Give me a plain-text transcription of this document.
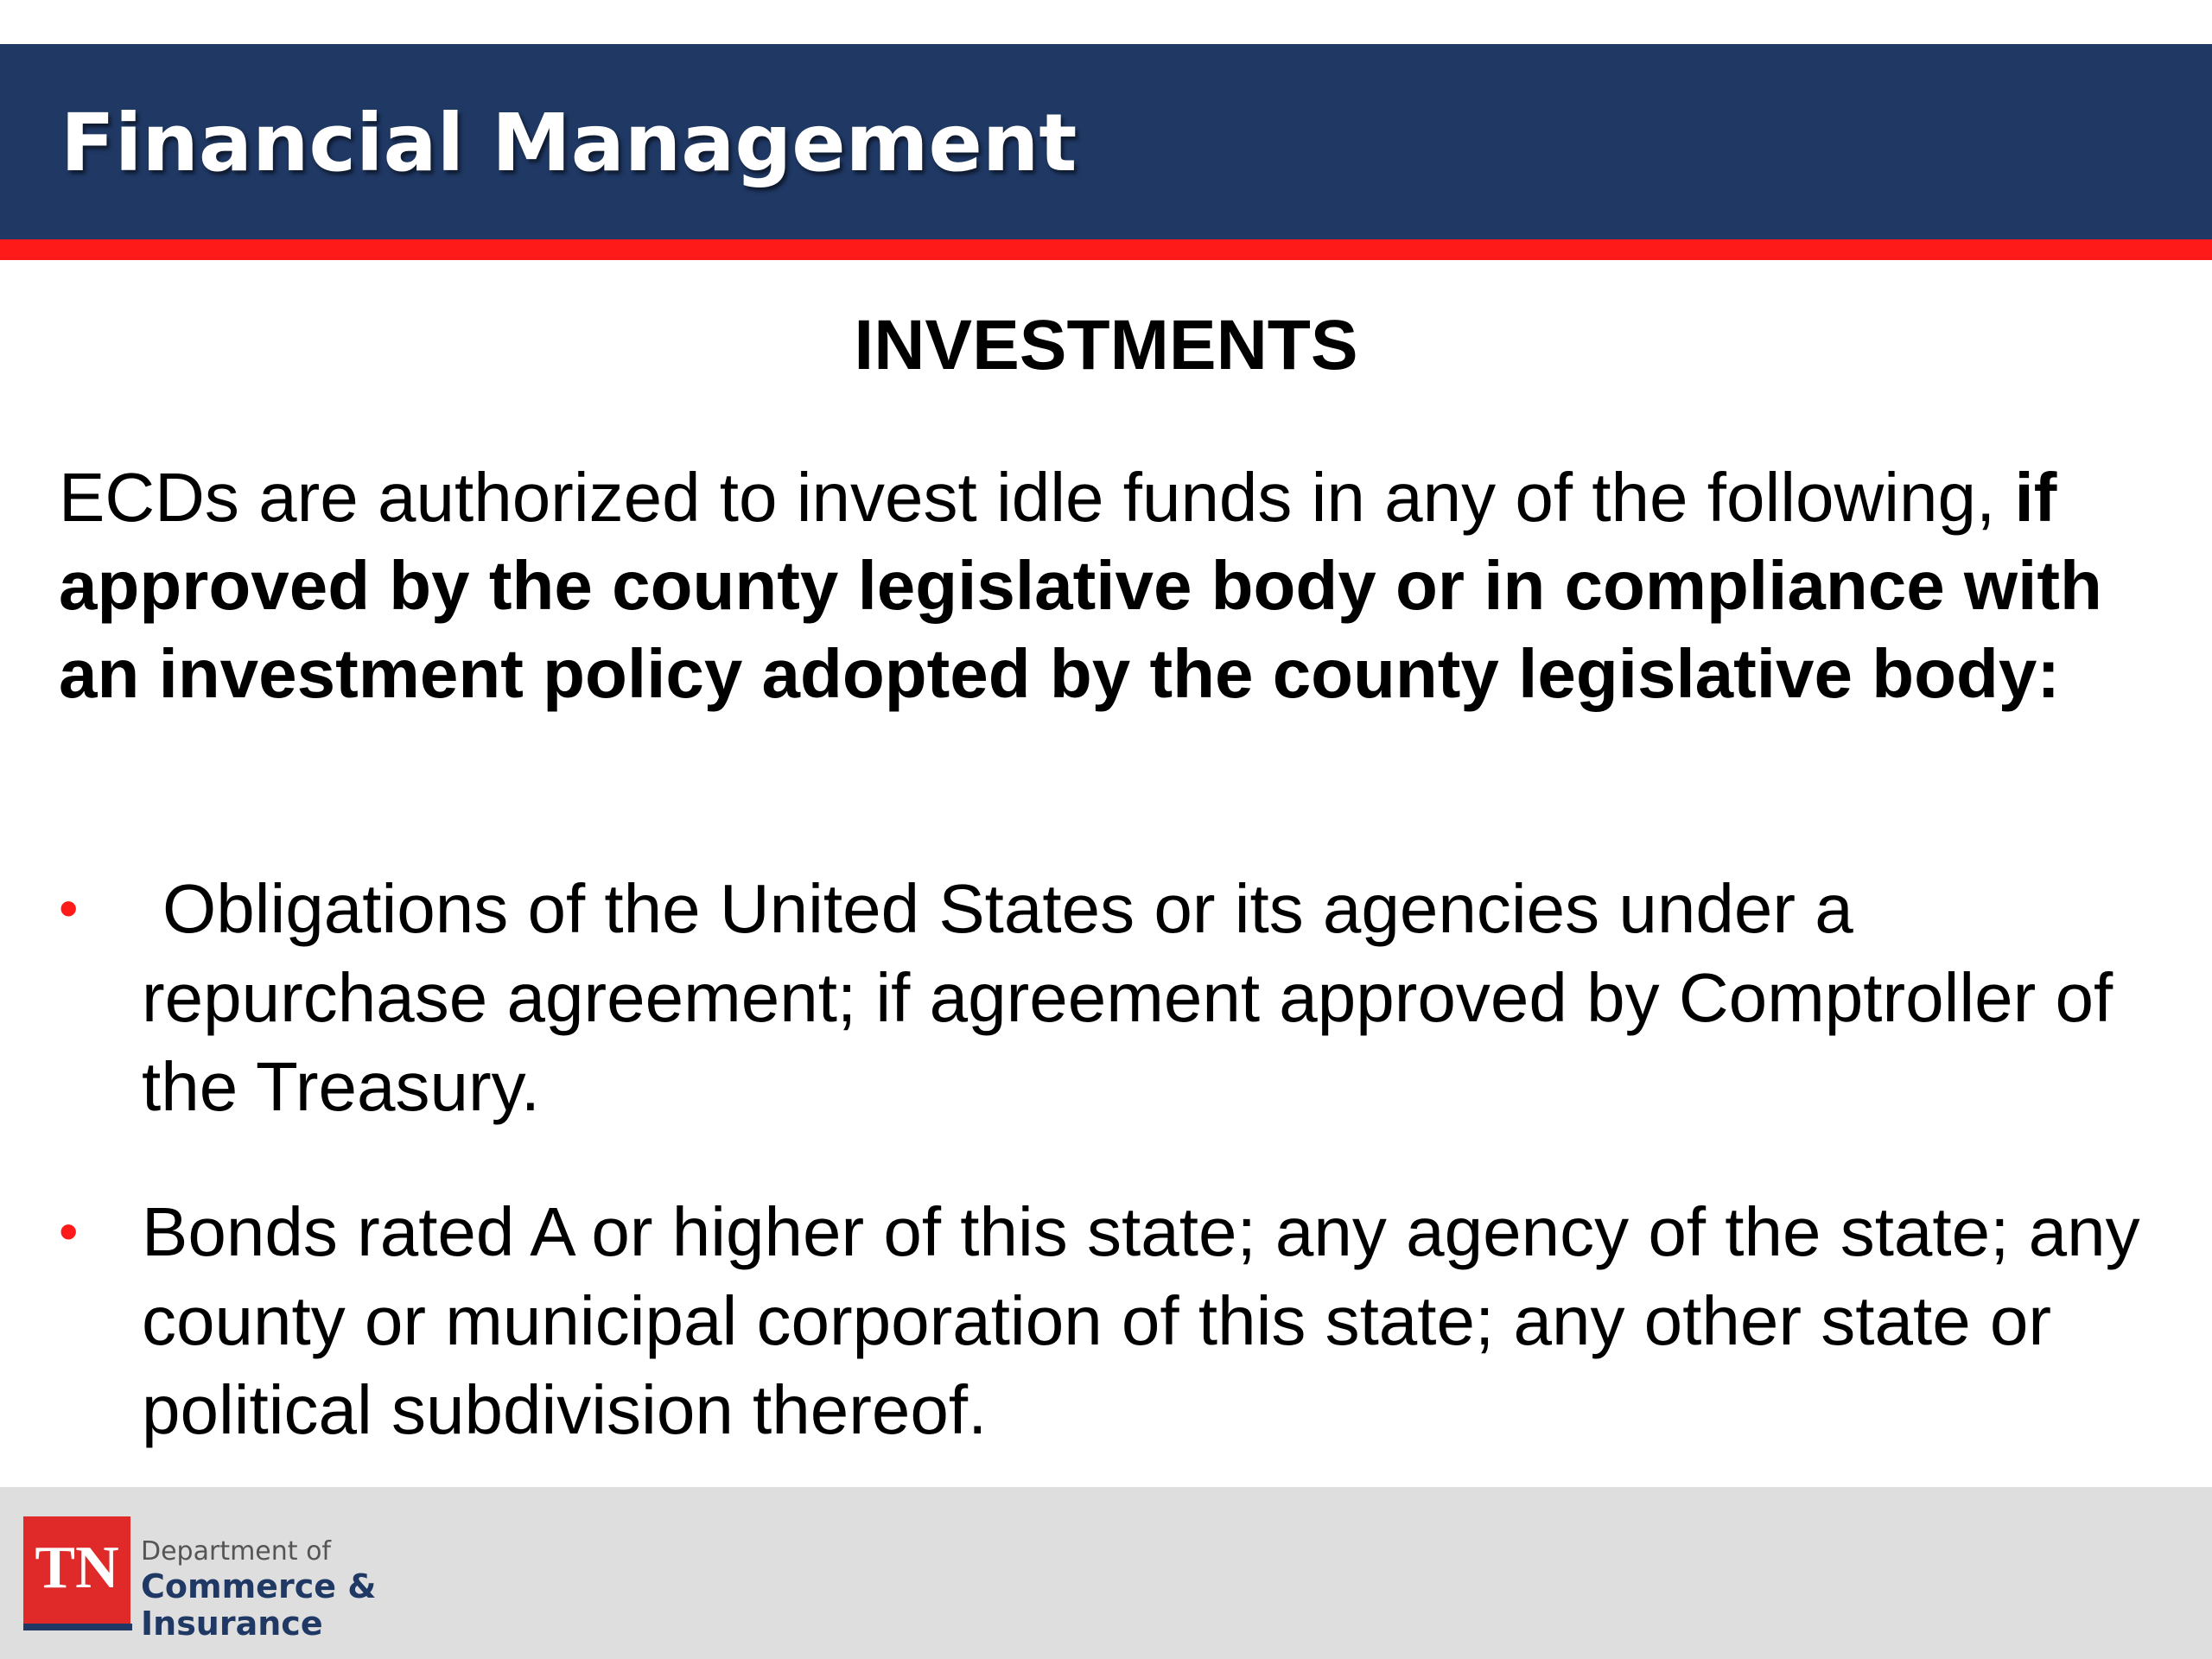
Financial Management
INVESTMENTS
ECDs are authorized to invest idle funds in any of the following, if approved by the county legislative body or in compliance with an investment policy adopted by the county legislative body:
•	Obligations of the United States or its agencies under a repurchase agreement; if agreement approved by Comptroller of the Treasury.
• Bonds rated A or higher of this state; any agency of the state; any county or municipal corporation of this state; any other state or political subdivision thereof.
TN Department of
Commerce &
Insurance
